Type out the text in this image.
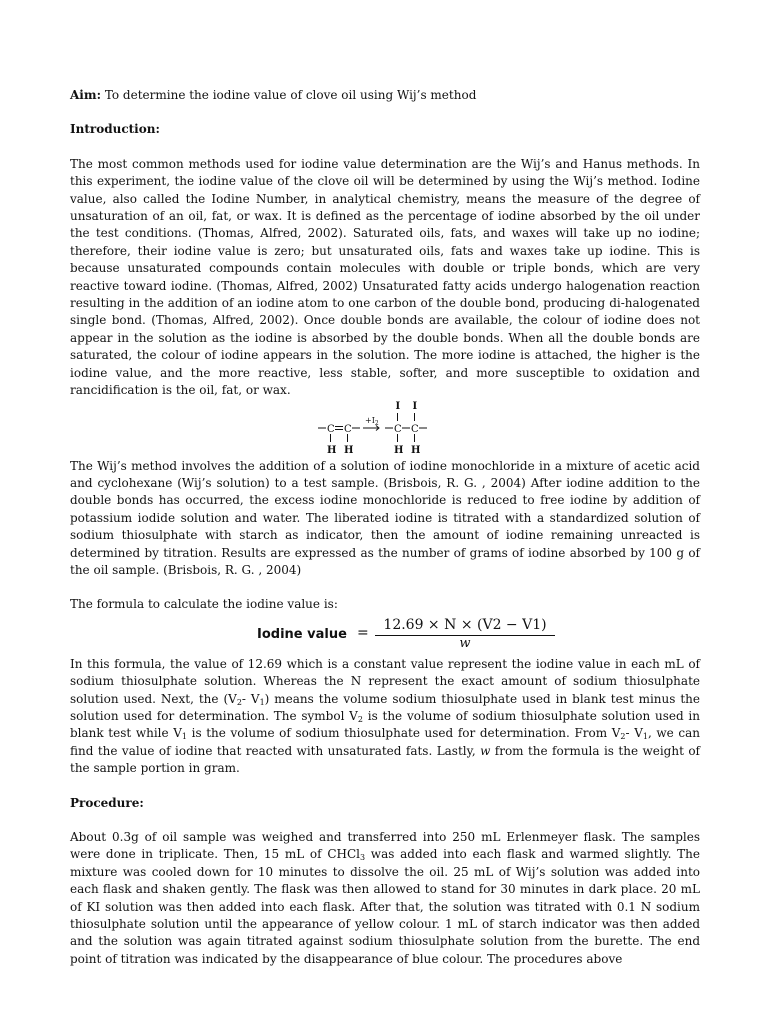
Aim: To determine the iodine value of clove oil using Wij’s method

Introduction:

The most common methods used for iodine value determination are the Wij’s and Hanus methods. In this experiment, the iodine value of the clove oil will be determined by using the Wij’s method. Iodine value, also called the Iodine Number, in analytical chemistry, means the measure of the degree of unsaturation of an oil, fat, or wax. It is defined as the percentage of iodine absorbed by the oil under the test conditions. (Thomas, Alfred, 2002). Saturated oils, fats, and waxes will take up no iodine; therefore, their iodine value is zero; but unsaturated oils, fats and waxes take up iodine. This is because unsaturated compounds contain molecules with double or triple bonds, which are very reactive toward iodine. (Thomas, Alfred, 2002) Unsaturated fatty acids undergo halogenation reaction resulting in the addition of an iodine atom to one carbon of the double bond, producing di-halogenated single bond. (Thomas, Alfred, 2002). Once double bonds are available, the colour of iodine does not appear in the solution as the iodine is absorbed by the double bonds. When all the double bonds are saturated, the colour of iodine appears in the solution. The more iodine is attached, the higher is the iodine value, and the more reactive, less stable, softer, and more susceptible to oxidation and rancidification is the oil, fat, or wax.

C C
H H
$+I_2$
C C
I I
H H

The Wij’s method involves the addition of a solution of iodine monochloride in a mixture of acetic acid and cyclohexane (Wij’s solution) to a test sample. (Brisbois, R. G. , 2004) After iodine addition to the double bonds has occurred, the excess iodine monochloride is reduced to free iodine by addition of potassium iodide solution and water. The liberated iodine is titrated with a standardized solution of sodium thiosulphate with starch as indicator, then the amount of iodine remaining unreacted is determined by titration. Results are expressed as the number of grams of iodine absorbed by 100 g of the oil sample. (Brisbois, R. G. , 2004)

The formula to calculate the iodine value is:

Iodine value =	12.69 × N × (V2 − V1)
w

In this formula, the value of 12.69 which is a constant value represent the iodine value in each mL of sodium thiosulphate solution. Whereas the N represent the exact amount of sodium thiosulphate solution used. Next, the ($V_2-$ $V_1$) means the volume sodium thiosulphate used in blank test minus the solution used for determination. The symbol $V_2$ is the volume of sodium thiosulphate solution used in blank test while $V_1$ is the volume of sodium thiosulphate used for determination. From $V_2-$ $V_1$, we can find the value of iodine that reacted with unsaturated fats. Lastly, w from the formula is the weight of the sample portion in gram.

Procedure:

About 0.3g of oil sample was weighed and transferred into 250 mL Erlenmeyer flask. The samples were done in triplicate. Then, 15 mL of CHCl$_3$ was added into each flask and warmed slightly. The mixture was cooled down for 10 minutes to dissolve the oil. 25 mL of Wij’s solution was added into each flask and shaken gently. The flask was then allowed to stand for 30 minutes in dark place. 20 mL of KI solution was then added into each flask. After that, the solution was titrated with 0.1 N sodium thiosulphate solution until the appearance of yellow colour. 1 mL of starch indicator was then added and the solution was again titrated against sodium thiosulphate solution from the burette. The end point of titration was indicated by the disappearance of blue colour. The procedures above
